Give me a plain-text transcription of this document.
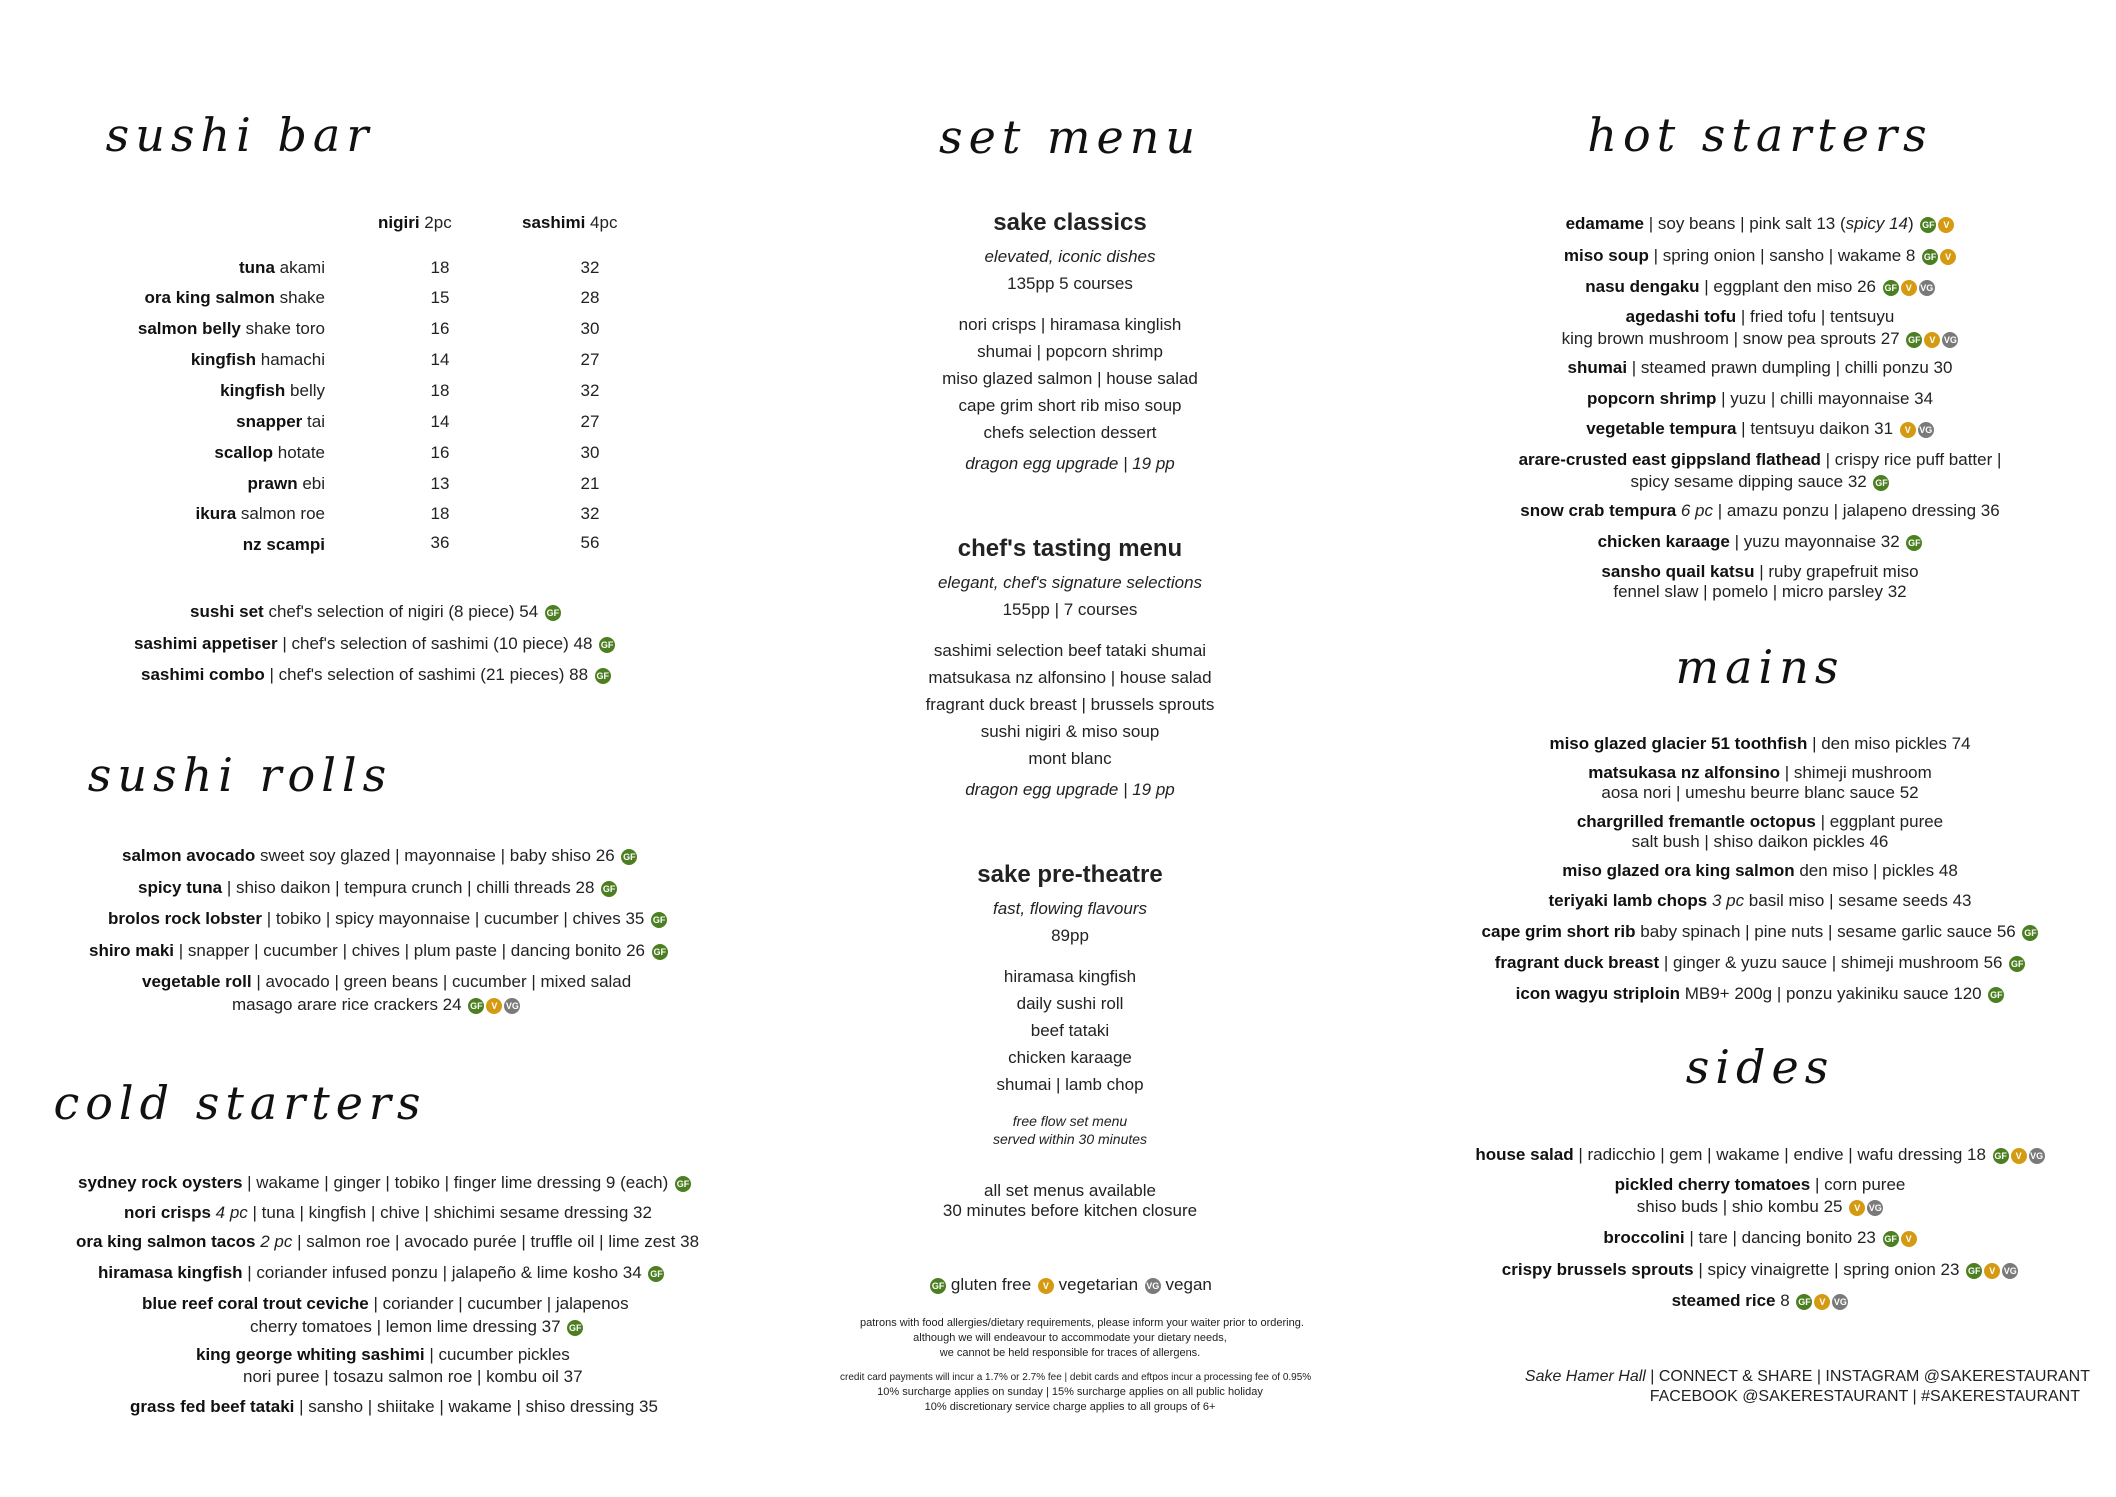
sushi bar
nigiri 2pc	sashimi 4pc
tuna akami	18	32
ora king salmon shake	15	28
salmon belly shake toro	16	30
kingfish hamachi	14	27
kingfish belly	18	32
snapper tai	14	27
scallop hotate	16	30
prawn ebi	13	21
ikura salmon roe	18	32
nz scampi	36	56
sushi set chef's selection of nigiri (8 piece) 54 GF
sashimi appetiser | chef's selection of sashimi (10 piece) 48 GF
sashimi combo | chef's selection of sashimi (21 pieces) 88 GF
sushi rolls
salmon avocado sweet soy glazed | mayonnaise | baby shiso 26 GF
spicy tuna | shiso daikon | tempura crunch | chilli threads 28 GF
brolos rock lobster | tobiko | spicy mayonnaise | cucumber | chives 35 GF
shiro maki | snapper | cucumber | chives | plum paste | dancing bonito 26 GF
vegetable roll | avocado | green beans | cucumber | mixed salad
masago arare rice crackers 24 GF V VG
cold starters
sydney rock oysters | wakame | ginger | tobiko | finger lime dressing 9 (each) GF
nori crisps 4 pc | tuna | kingfish | chive | shichimi sesame dressing 32
ora king salmon tacos 2 pc | salmon roe | avocado purée | truffle oil | lime zest 38
hiramasa kingfish | coriander infused ponzu | jalapeño & lime kosho 34 GF
blue reef coral trout ceviche | coriander | cucumber | jalapenos
cherry tomatoes | lemon lime dressing 37 GF
king george whiting sashimi | cucumber pickles
nori puree | tosazu salmon roe | kombu oil 37
grass fed beef tataki | sansho | shiitake | wakame | shiso dressing 35
set menu
sake classics
elevated, iconic dishes
135pp 5 courses
nori crisps | hiramasa kinglish
shumai | popcorn shrimp
miso glazed salmon | house salad
cape grim short rib miso soup
chefs selection dessert
dragon egg upgrade | 19 pp
chef's tasting menu
elegant, chef's signature selections
155pp | 7 courses
sashimi selection beef tataki shumai
matsukasa nz alfonsino | house salad
fragrant duck breast | brussels sprouts
sushi nigiri & miso soup
mont blanc
dragon egg upgrade | 19 pp
sake pre-theatre
fast, flowing flavours
89pp
hiramasa kingfish
daily sushi roll
beef tataki
chicken karaage
shumai | lamb chop
free flow set menu
served within 30 minutes
all set menus available
30 minutes before kitchen closure
GF gluten free V vegetarian VG vegan
patrons with food allergies/dietary requirements, please inform your waiter prior to ordering.
although we will endeavour to accommodate your dietary needs,
we cannot be held responsible for traces of allergens.
credit card payments will incur a 1.7% or 2.7% fee | debit cards and eftpos incur a processing fee of 0.95%
10% surcharge applies on sunday | 15% surcharge applies on all public holiday
10% discretionary service charge applies to all groups of 6+
hot starters
edamame | soy beans | pink salt 13 (spicy 14) GF V
miso soup | spring onion | sansho | wakame 8 GF V
nasu dengaku | eggplant den miso 26 GF V VG
agedashi tofu | fried tofu | tentsuyu
king brown mushroom | snow pea sprouts 27 GF V VG
shumai | steamed prawn dumpling | chilli ponzu 30
popcorn shrimp | yuzu | chilli mayonnaise 34
vegetable tempura | tentsuyu daikon 31 V VG
arare-crusted east gippsland flathead | crispy rice puff batter |
spicy sesame dipping sauce 32 GF
snow crab tempura 6 pc | amazu ponzu | jalapeno dressing 36
chicken karaage | yuzu mayonnaise 32 GF
sansho quail katsu | ruby grapefruit miso
fennel slaw | pomelo | micro parsley 32
mains
miso glazed glacier 51 toothfish | den miso pickles 74
matsukasa nz alfonsino | shimeji mushroom
aosa nori | umeshu beurre blanc sauce 52
chargrilled fremantle octopus | eggplant puree
salt bush | shiso daikon pickles 46
miso glazed ora king salmon den miso | pickles 48
teriyaki lamb chops 3 pc basil miso | sesame seeds 43
cape grim short rib baby spinach | pine nuts | sesame garlic sauce 56 GF
fragrant duck breast | ginger & yuzu sauce | shimeji mushroom 56 GF
icon wagyu striploin MB9+ 200g | ponzu yakiniku sauce 120 GF
sides
house salad | radicchio | gem | wakame | endive | wafu dressing 18 GF V VG
pickled cherry tomatoes | corn puree
shiso buds | shio kombu 25 V VG
broccolini | tare | dancing bonito 23 GF V
crispy brussels sprouts | spicy vinaigrette | spring onion 23 GF V VG
steamed rice 8 GF V VG
Sake Hamer Hall | CONNECT & SHARE | INSTAGRAM @SAKERESTAURANT
FACEBOOK @SAKERESTAURANT | #SAKERESTAURANT
